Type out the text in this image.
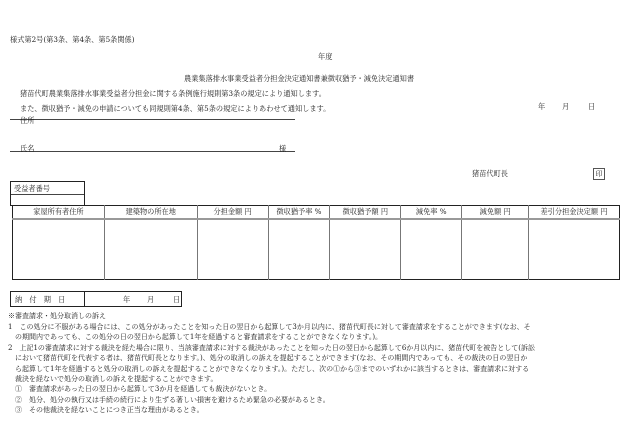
様式第2号(第3条、第4条、第5条関係)
年度
農業集落排水事業受益者分担金決定通知書兼徴収猶予・減免決定通知書
猪苗代町農業集落排水事業受益者分担金に関する条例施行規則第3条の規定により通知します。
また、徴収猶予・減免の申請についても同規則第4条、第5条の規定によりあわせて通知します。	年 月	日
住所
氏名	様
猪苗代町長	印
受益者番号
家屋所有者住所	建築物の所在地	分担金額 円	徴収猶予率 %	徴収猶予額 円	減免率 %	減免額 円	差引分担金決定額 円

納　付　期　日	年 月	日
※審査請求・処分取消しの訴え
1　この処分に不服がある場合には、この処分があったことを知った日の翌日から起算して3か月以内に、猪苗代町長に対して審査請求をすることができます(なお、そ
　の期間内であっても、この処分の日の翌日から起算して1年を経過すると審査請求をすることができなくなります。)。
2　上記1の審査請求に対する裁決を経た場合に限り、当該審査請求に対する裁決があったことを知った日の翌日から起算して6か月以内に、猪苗代町を被告として(訴訟
　において猪苗代町を代表する者は、猪苗代町長となります。)、処分の取消しの訴えを提起することができます(なお、その期間内であっても、その裁決の日の翌日か
　ら起算して1年を経過すると処分の取消しの訴えを提起することができなくなります。)。ただし、次の①から③までのいずれかに該当するときは、審査請求に対する
　裁決を経ないで処分の取消しの訴えを提起することができます。
　①　審査請求があった日の翌日から起算して3か月を経過しても裁決がないとき。
　②　処分、処分の執行又は手続の続行により生ずる著しい損害を避けるため緊急の必要があるとき。
　③　その他裁決を経ないことにつき正当な理由があるとき。
